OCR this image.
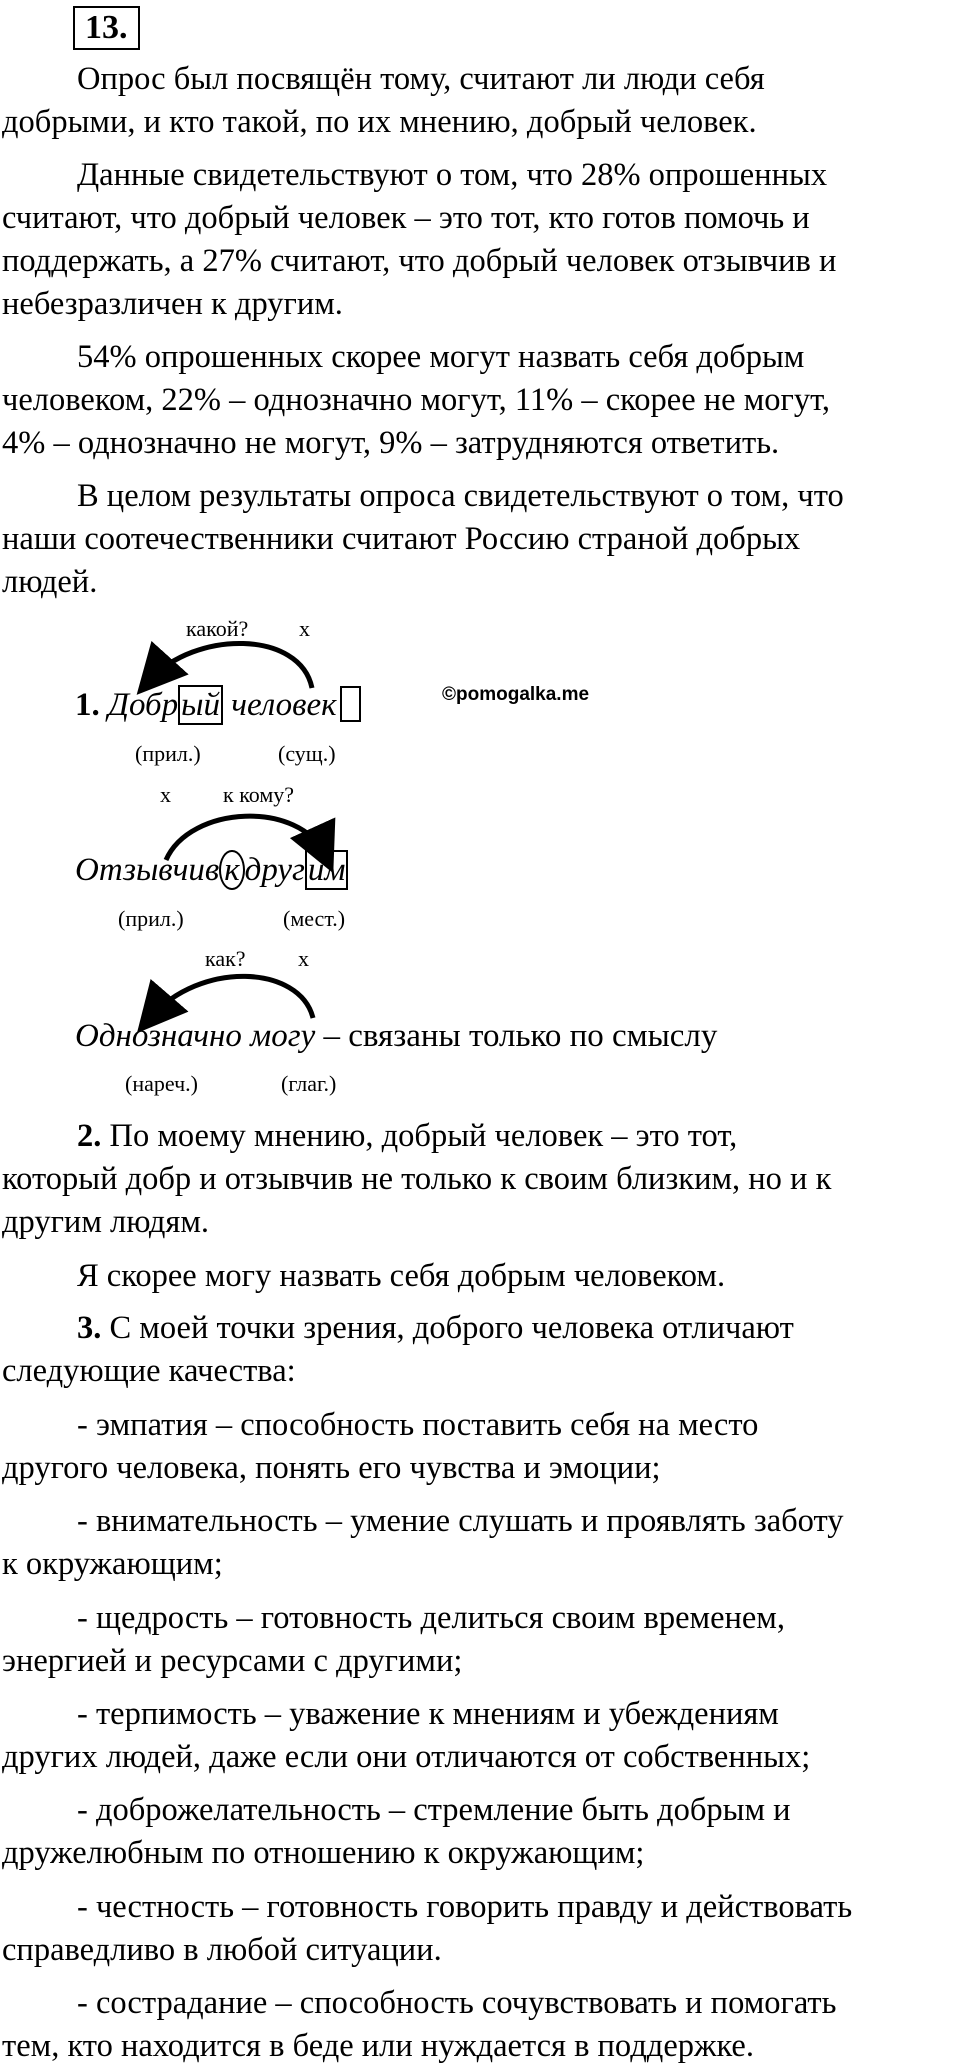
13.
Опрос был посвящён тому, считают ли люди себя
добрыми, и кто такой, по их мнению, добрый человек.
Данные свидетельствуют о том, что 28% опрошенных
считают, что добрый человек – это тот, кто готов помочь и
поддержать, а 27% считают, что добрый человек отзывчив и
небезразличен к другим.
54% опрошенных скорее могут назвать себя добрым
человеком, 22% – однозначно могут, 11% – скорее не могут,
4% – однозначно не могут, 9% – затрудняются ответить.
В целом результаты опроса свидетельствуют о том, что
наши соотечественники считают Россию страной добрых
людей.
©pomogalka.me
какой? х
1. Добрый человек
(прил.)	(сущ.)
х к кому?
Отзывчив к другим
(прил.)	(мест.)
как? х
Однозначно могу – связаны только по смыслу
(нареч.)	(глаг.)
2. По моему мнению, добрый человек – это тот,
который добр и отзывчив не только к своим близким, но и к
другим людям.
Я скорее могу назвать себя добрым человеком.
3. С моей точки зрения, доброго человека отличают
следующие качества:
- эмпатия – способность поставить себя на место
другого человека, понять его чувства и эмоции;
- внимательность – умение слушать и проявлять заботу
к окружающим;
- щедрость – готовность делиться своим временем,
энергией и ресурсами с другими;
- терпимость – уважение к мнениям и убеждениям
других людей, даже если они отличаются от собственных;
- доброжелательность – стремление быть добрым и
дружелюбным по отношению к окружающим;
- честность – готовность говорить правду и действовать
справедливо в любой ситуации.
- сострадание – способность сочувствовать и помогать
тем, кто находится в беде или нуждается в поддержке.
